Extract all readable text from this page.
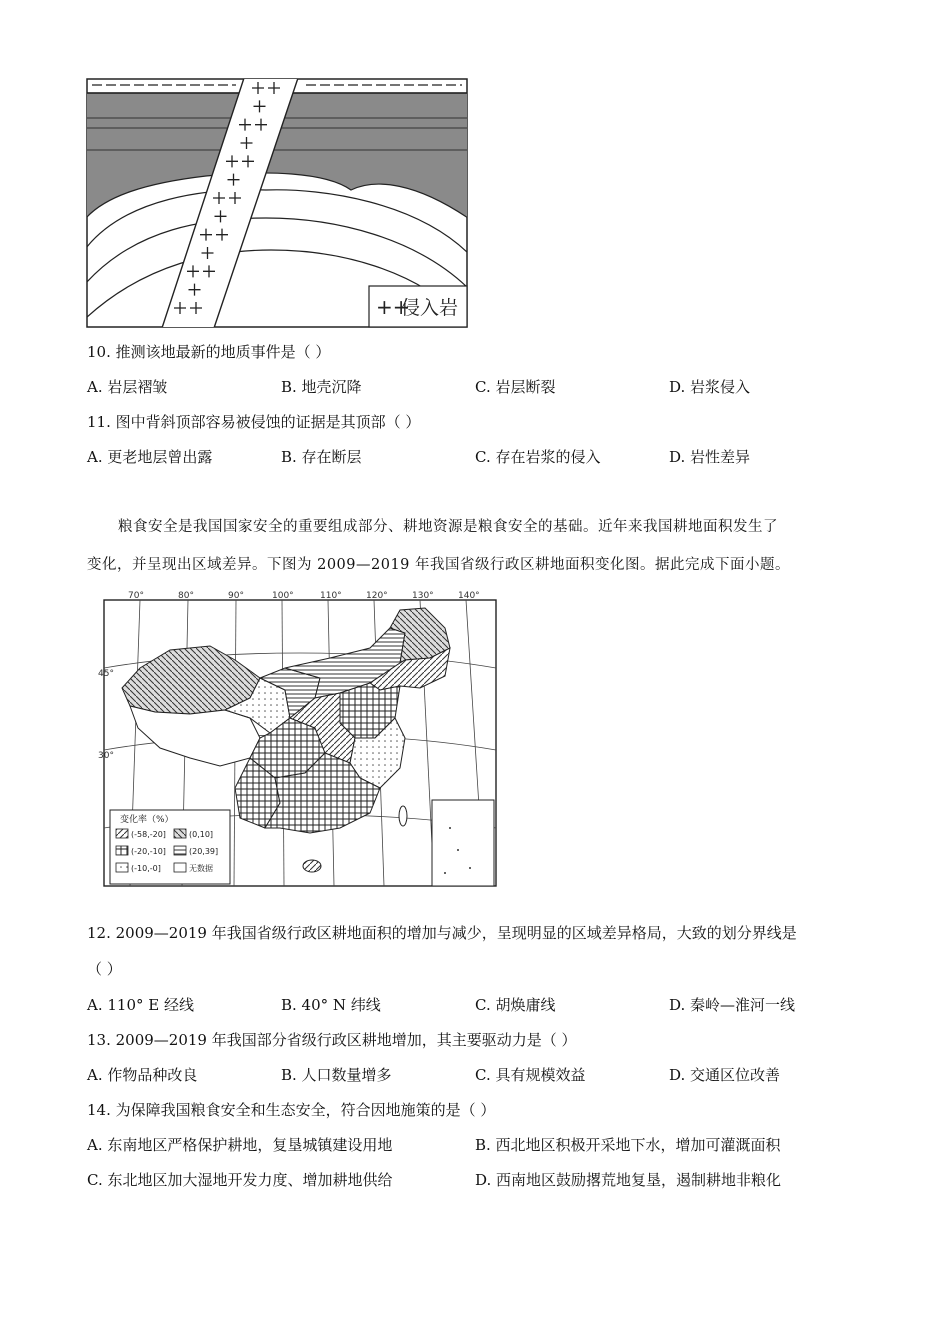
++
侵入岩
10. 推测该地最新的地质事件是（ ）
A. 岩层褶皱	B. 地壳沉降	C. 岩层断裂	D. 岩浆侵入
11. 图中背斜顶部容易被侵蚀的证据是其顶部（ ）
A. 更老地层曾出露	B. 存在断层	C. 存在岩浆的侵入	D. 岩性差异
粮食安全是我国国家安全的重要组成部分、耕地资源是粮食安全的基础。近年来我国耕地面积发生了
变化，并呈现出区域差异。下图为 2009—2019 年我国省级行政区耕地面积变化图。据此完成下面小题。
70°	80°	90°	100°	110°	120°	130°	140°
45°
30°
变化率（%）
(-58,-20]	(0,10]
(-20,-10]	(20,39]
(-10,-0]	无数据
12. 2009—2019 年我国省级行政区耕地面积的增加与减少，呈现明显的区域差异格局，大致的划分界线是
（ ）
A. 110° E 经线	B. 40° N 纬线	C. 胡焕庸线	D. 秦岭—淮河一线
13. 2009—2019 年我国部分省级行政区耕地增加，其主要驱动力是（ ）
A. 作物品种改良	B. 人口数量增多	C. 具有规模效益	D. 交通区位改善
14. 为保障我国粮食安全和生态安全，符合因地施策的是（ ）
A. 东南地区严格保护耕地，复垦城镇建设用地	B. 西北地区积极开采地下水，增加可灌溉面积
C. 东北地区加大湿地开发力度、增加耕地供给	D. 西南地区鼓励撂荒地复垦，遏制耕地非粮化
